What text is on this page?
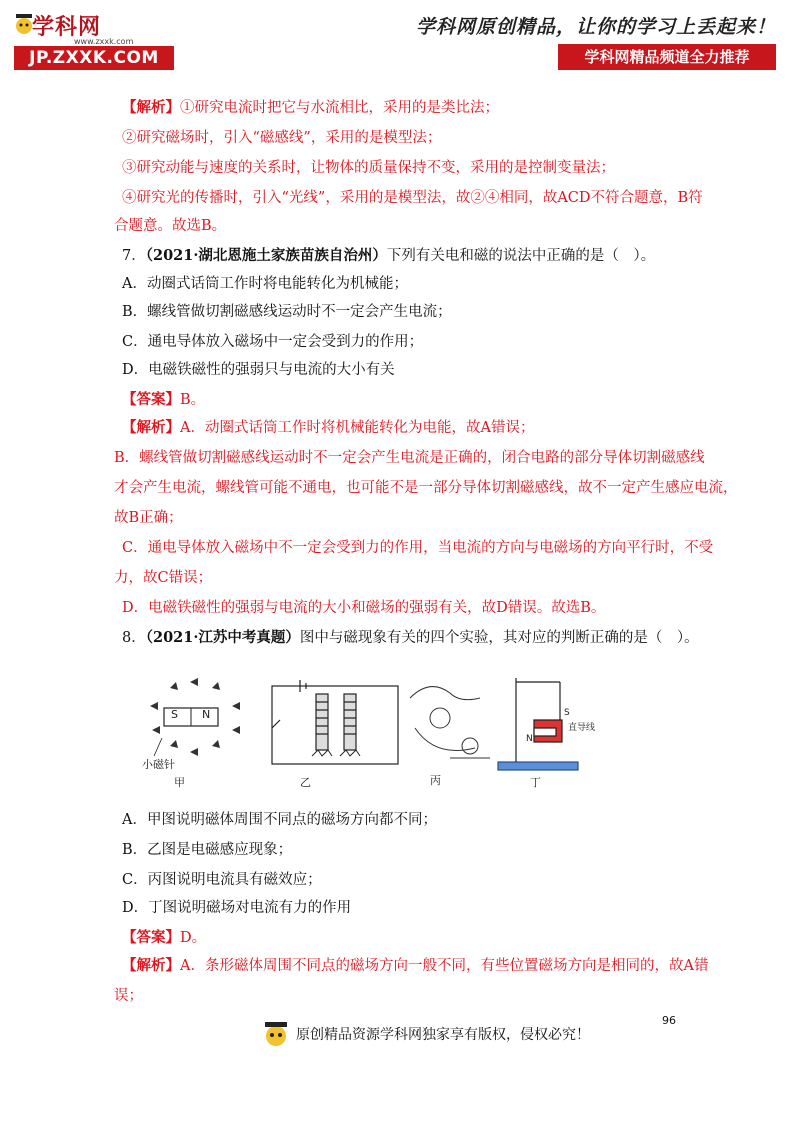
学科网
www.zxxk.com
JP.ZXXK.COM
学科网原创精品，让你的学习上丢起来！
学科网精品频道全力推荐
【解析】①研究电流时把它与水流相比，采用的是类比法；
②研究磁场时，引入“磁感线”，采用的是模型法；
③研究动能与速度的关系时，让物体的质量保持不变，采用的是控制变量法；
④研究光的传播时，引入“光线”，采用的是模型法，故②④相同，故ACD不符合题意，B符
合题意。故选B。
7．（2021·湖北恩施土家族苗族自治州）下列有关电和磁的说法中正确的是（　）。
A．动圈式话筒工作时将电能转化为机械能；
B．螺线管做切割磁感线运动时不一定会产生电流；
C．通电导体放入磁场中一定会受到力的作用；
D．电磁铁磁性的强弱只与电流的大小有关
【答案】B。
【解析】A．动圈式话筒工作时将机械能转化为电能，故A错误；
B．螺线管做切割磁感线运动时不一定会产生电流是正确的，闭合电路的部分导体切割磁感线
才会产生电流，螺线管可能不通电，也可能不是一部分导体切割磁感线，故不一定产生感应电流，
故B正确；
C．通电导体放入磁场中不一定会受到力的作用，当电流的方向与电磁场的方向平行时，不受
力，故C错误；
D．电磁铁磁性的强弱与电流的大小和磁场的强弱有关，故D错误。故选B。
8．（2021·江苏中考真题）图中与磁现象有关的四个实验，其对应的判断正确的是（　）。
A．甲图说明磁体周围不同点的磁场方向都不同；
B．乙图是电磁感应现象；
C．丙图说明电流具有磁效应；
D．丁图说明磁场对电流有力的作用
【答案】D。
【解析】A．条形磁体周围不同点的磁场方向一般不同，有些位置磁场方向是相同的，故A错
误；
小磁针
S N
甲	乙	丙	丁
直导线
S
N
96
原创精品资源学科网独家享有版权，侵权必究！
